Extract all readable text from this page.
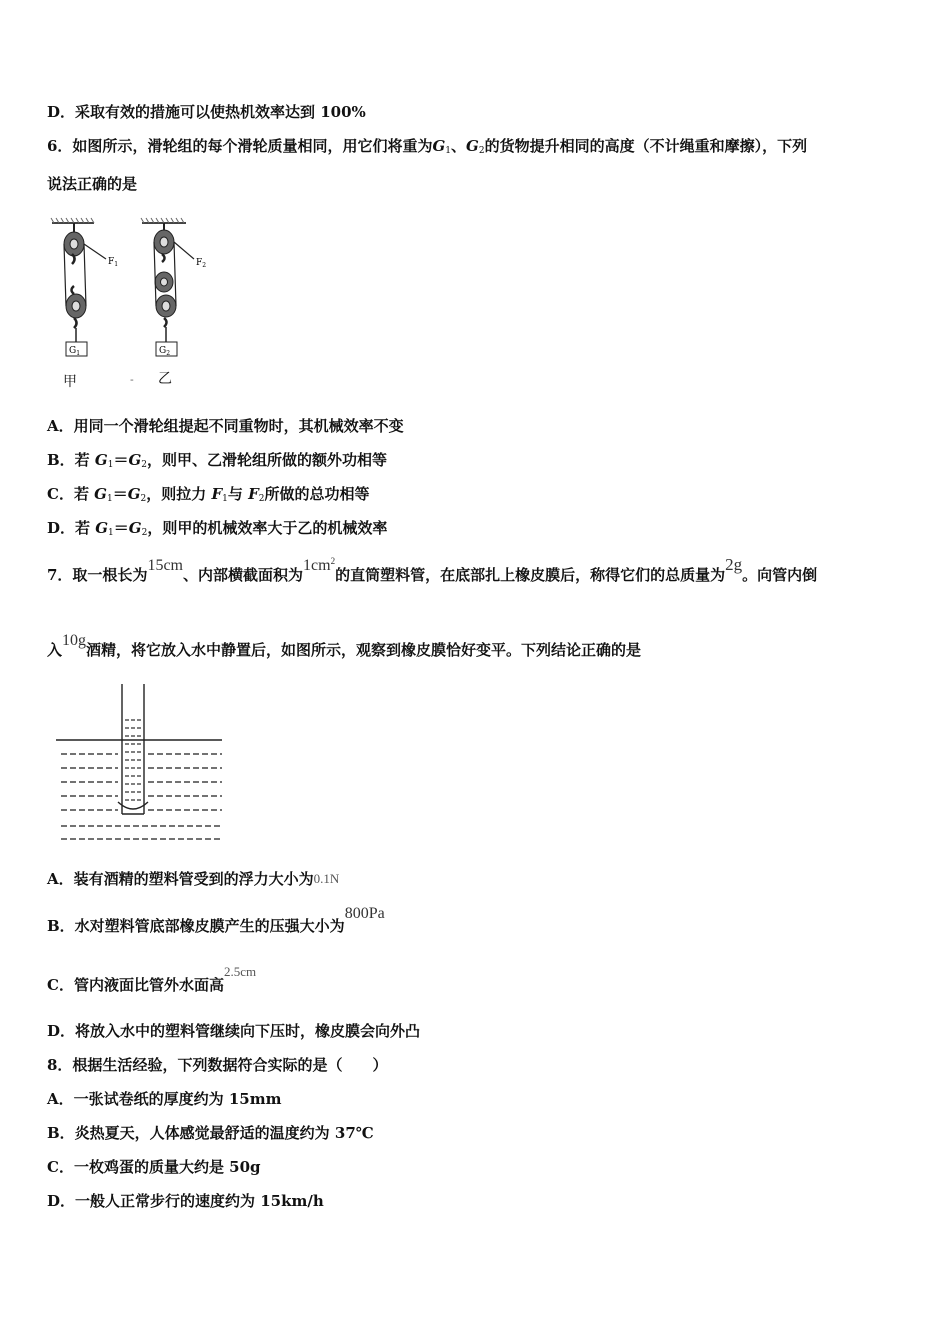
D．采取有效的措施可以使热机效率达到 100%
6．如图所示，滑轮组的每个滑轮质量相同，用它们将重为$G_1$、$G_2$的货物提升相同的高度（不计绳重和摩擦），下列
说法正确的是
$F_1$	$F_2$
$G_1$	$G_2$
-
甲	乙
A．用同一个滑轮组提起不同重物时，其机械效率不变
B．若 $G_1=G_2$，则甲、乙滑轮组所做的额外功相等
C．若 $G_1=G_2$，则拉力 $F_1$与 $F_2$所做的总功相等
D．若 $G_1=G_2$，则甲的机械效率大于乙的机械效率
7．取一根长为15cm、内部横截面积为$1cm^2$的直筒塑料管，在底部扎上橡皮膜后，称得它们的总质量为2g。向管内倒
入10g酒精，将它放入水中静置后，如图所示，观察到橡皮膜恰好变平。下列结论正确的是
A．装有酒精的塑料管受到的浮力大小为0.1N
B．水对塑料管底部橡皮膜产生的压强大小为800Pa
C．管内液面比管外水面高2.5cm
D．将放入水中的塑料管继续向下压时，橡皮膜会向外凸
8．根据生活经验，下列数据符合实际的是（　　）
A．一张试卷纸的厚度约为 15mm
B．炎热夏天，人体感觉最舒适的温度约为 37℃
C．一枚鸡蛋的质量大约是 50g
D．一般人正常步行的速度约为 15km/h
